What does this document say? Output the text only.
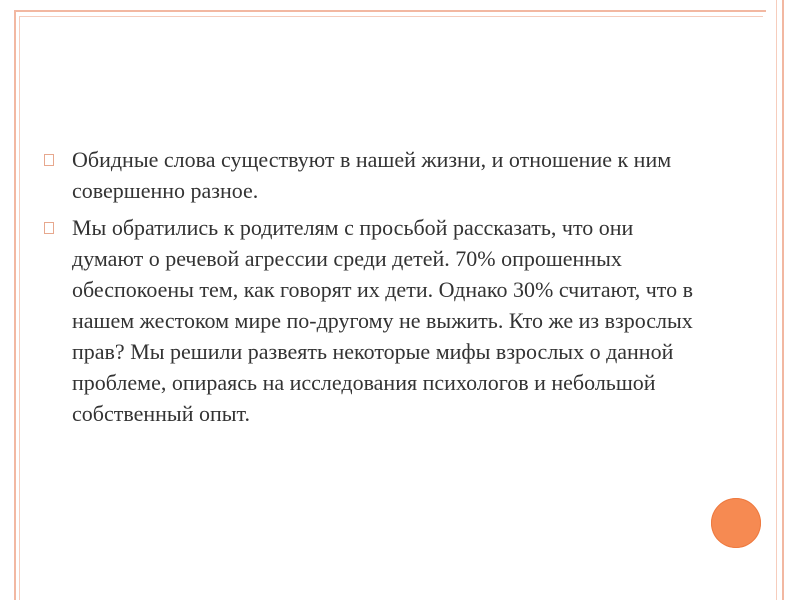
Обидные слова существуют в нашей жизни, и отношение к ним совершенно разное.
Мы обратились к родителям с просьбой рассказать, что они думают о речевой агрессии среди детей. 70% опрошенных обеспокоены тем, как говорят их дети. Однако 30% считают, что в нашем жестоком мире по-другому не выжить. Кто же из взрослых прав? Мы решили развеять некоторые мифы взрослых о данной проблеме, опираясь на исследования психологов и небольшой собственный опыт.
